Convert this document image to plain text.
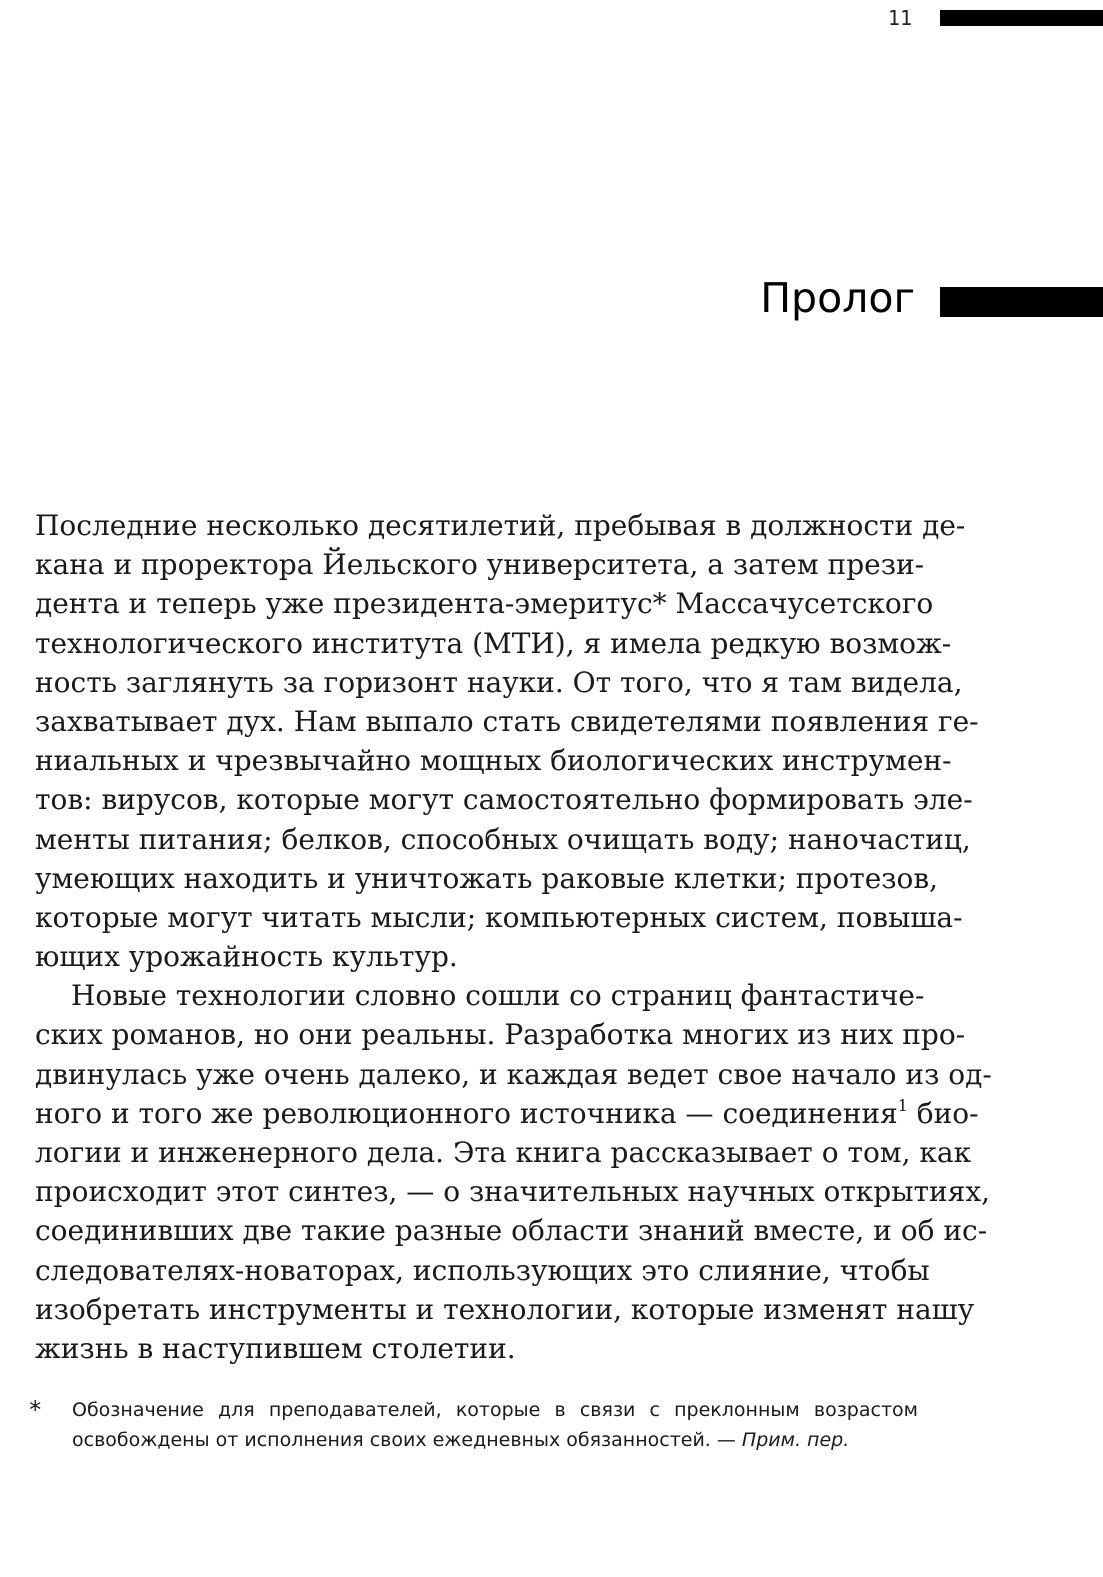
11
Пролог
Последние несколько десятилетий, пребывая в должности де-
кана и проректора Йельского университета, а затем прези-
дента и теперь уже президента-эмеритус* Массачусетского
технологического института (МТИ), я имела редкую возмож-
ность заглянуть за горизонт науки. От того, что я там видела,
захватывает дух. Нам выпало стать свидетелями появления ге-
ниальных и чрезвычайно мощных биологических инструмен-
тов: вирусов, которые могут самостоятельно формировать эле-
менты питания; белков, способных очищать воду; наночастиц,
умеющих находить и уничтожать раковые клетки; протезов,
которые могут читать мысли; компьютерных систем, повыша-
ющих урожайность культур.
Новые технологии словно сошли со страниц фантастиче-
ских романов, но они реальны. Разработка многих из них про-
двинулась уже очень далеко, и каждая ведет свое начало из од-
ного и того же революционного источника — соединения$^1$ био-
логии и инженерного дела. Эта книга рассказывает о том, как
происходит этот синтез, — о значительных научных открытиях,
соединивших две такие разные области знаний вместе, и об ис-
следователях-новаторах, использующих это слияние, чтобы
изобретать инструменты и технологии, которые изменят нашу
жизнь в наступившем столетии.
* Обозначение для преподавателей, которые в связи с преклонным возрастом
освобождены от исполнения своих ежедневных обязанностей. — Прим. пер.
